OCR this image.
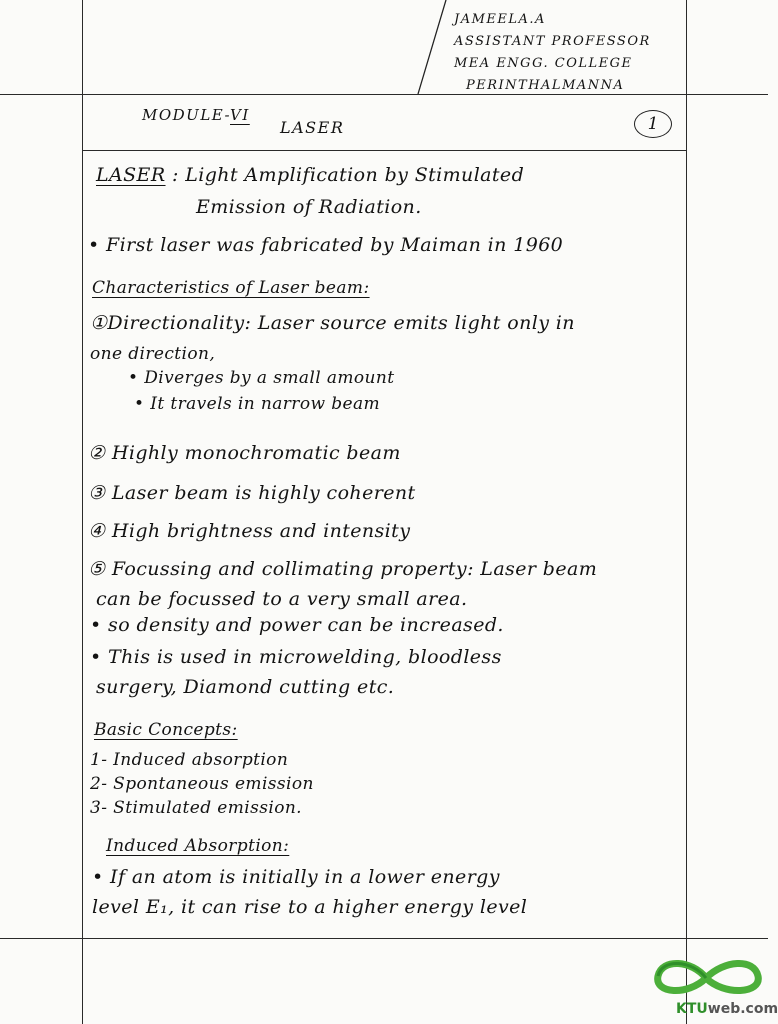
JAMEELA.A
ASSISTANT PROFESSOR
MEA ENGG. COLLEGE
PERINTHALMANNA
MODULE-VI
LASER	1
LASER : Light Amplification by Stimulated
Emission of Radiation.
• First laser was fabricated by Maiman in 1960
Characteristics of Laser beam:
①Directionality: Laser source emits light only in
one direction,
• Diverges by a small amount
• It travels in narrow beam
② Highly monochromatic beam
③ Laser beam is highly coherent
④ High brightness and intensity
⑤ Focussing and collimating property: Laser beam
can be focussed to a very small area.
• so density and power can be increased.
• This is used in microwelding, bloodless
surgery, Diamond cutting etc.
Basic Concepts:
1- Induced absorption
2- Spontaneous emission
3- Stimulated emission.
Induced Absorption:
• If an atom is initially in a lower energy
level E₁, it can rise to a higher energy level
KTUweb.com
